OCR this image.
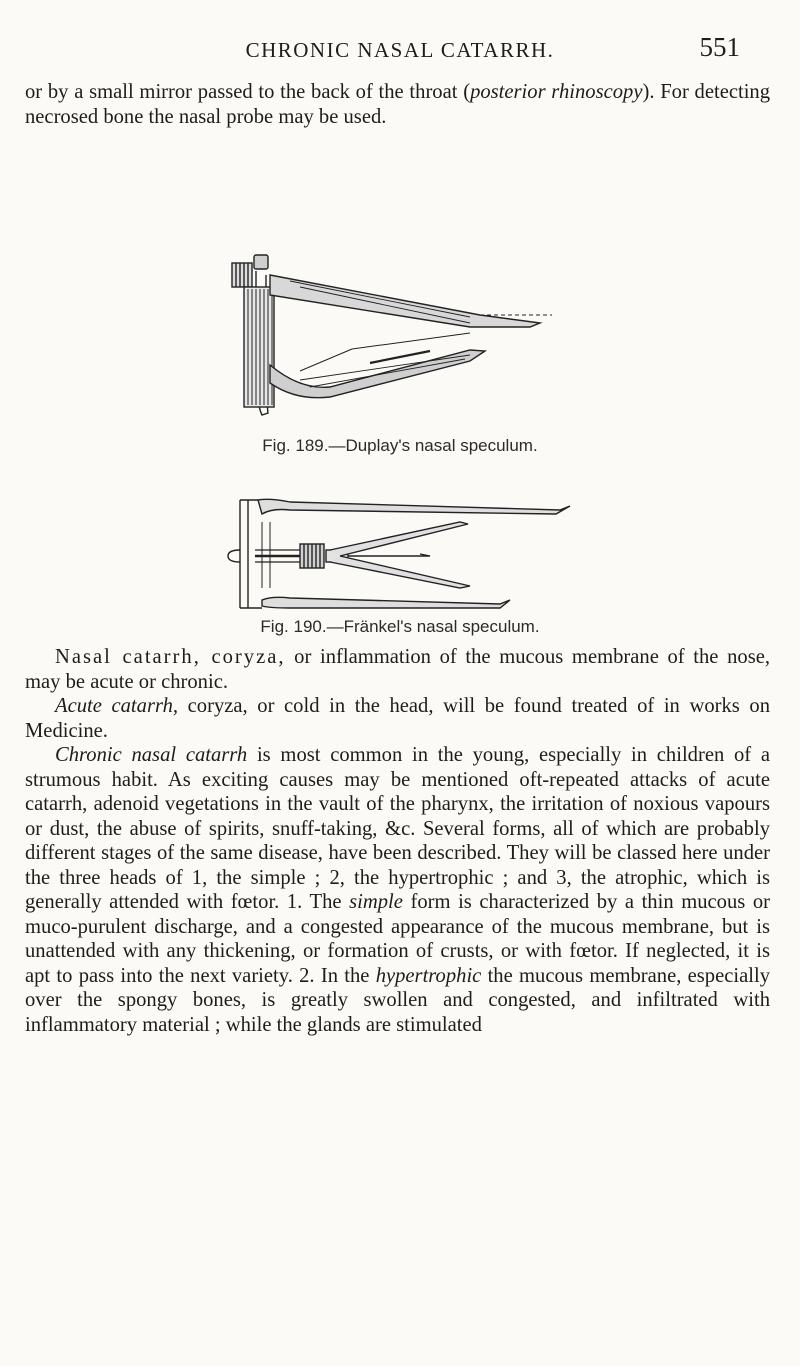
CHRONIC NASAL CATARRH.	551

or by a small mirror passed to the back of the throat (posterior rhinoscopy). For detecting necrosed bone the nasal probe may be used.

Fig. 189.—Duplay's nasal speculum.
Fig. 190.—Fränkel's nasal speculum.

Nasal catarrh, coryza, or inflammation of the mucous membrane of the nose, may be acute or chronic.

Acute catarrh, coryza, or cold in the head, will be found treated of in works on Medicine.

Chronic nasal catarrh is most common in the young, especially in children of a strumous habit. As exciting causes may be mentioned oft-repeated attacks of acute catarrh, adenoid vegetations in the vault of the pharynx, the irritation of noxious vapours or dust, the abuse of spirits, snuff-taking, &c. Several forms, all of which are probably different stages of the same disease, have been described. They will be classed here under the three heads of 1, the simple ; 2, the hypertrophic ; and 3, the atrophic, which is generally attended with fœtor. 1. The simple form is characterized by a thin mucous or muco-purulent discharge, and a congested appearance of the mucous membrane, but is unattended with any thickening, or formation of crusts, or with fœtor. If neglected, it is apt to pass into the next variety. 2. In the hypertrophic the mucous membrane, especially over the spongy bones, is greatly swollen and congested, and infiltrated with inflammatory material ; while the glands are stimulated
